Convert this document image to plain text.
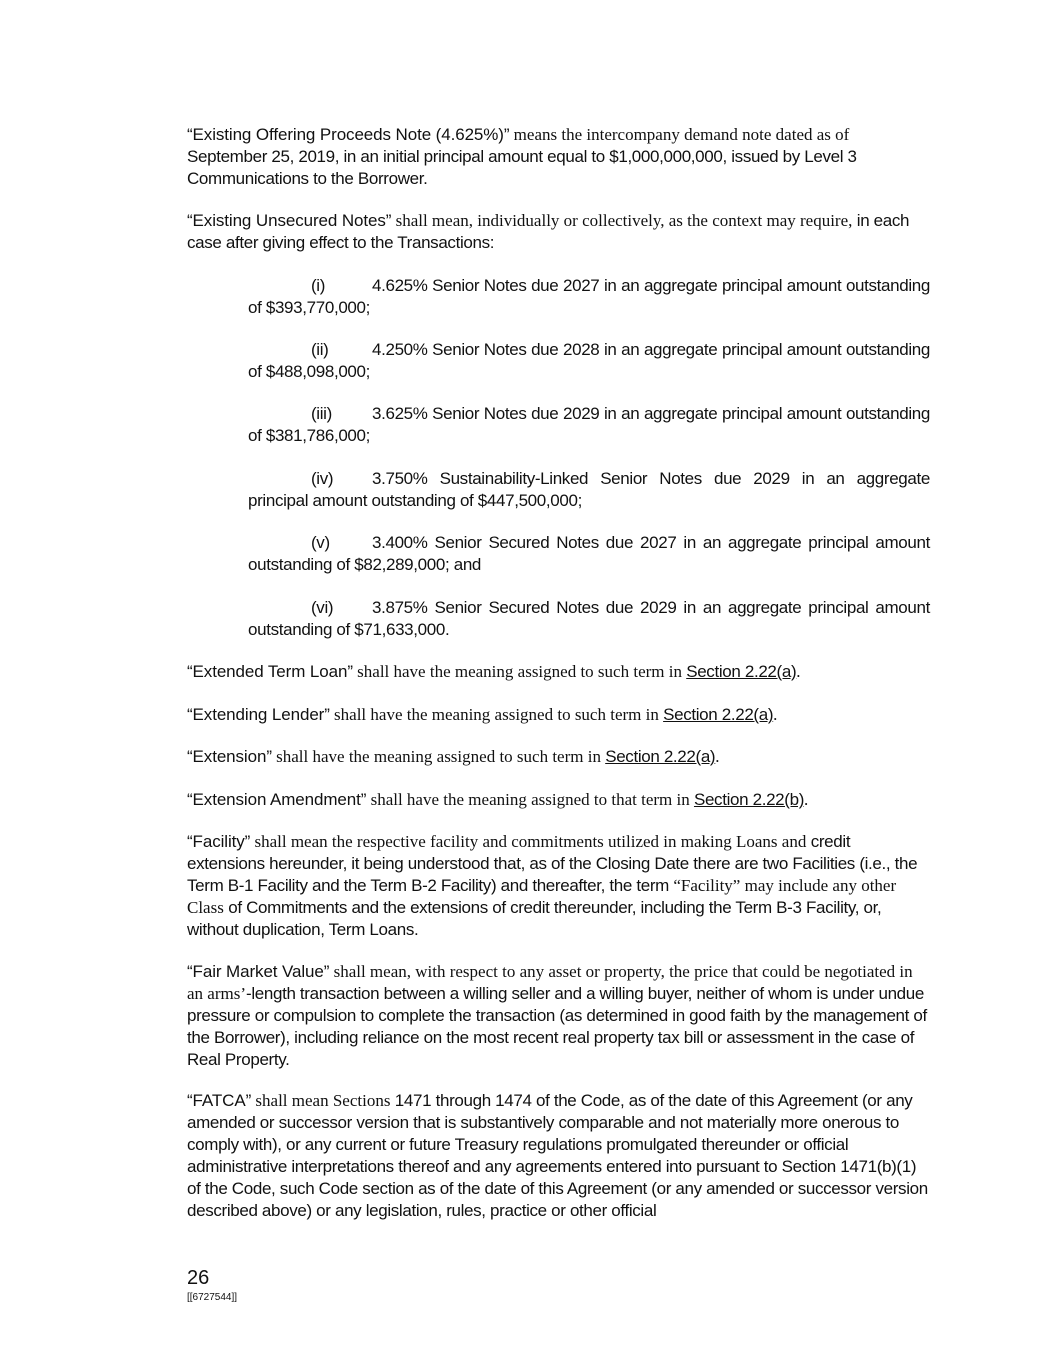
“Existing Offering Proceeds Note (4.625%)” means the intercompany demand note dated as of September 25, 2019, in an initial principal amount equal to $1,000,000,000, issued by Level 3 Communications to the Borrower.

“Existing Unsecured Notes” shall mean, individually or collectively, as the context may require, in each case after giving effect to the Transactions:

(i)	4.625% Senior Notes due 2027 in an aggregate principal amount outstanding of $393,770,000;

(ii)	4.250% Senior Notes due 2028 in an aggregate principal amount outstanding of $488,098,000;

(iii) 3.625% Senior Notes due 2029 in an aggregate principal amount outstanding of $381,786,000;

(iv) 3.750% Sustainability-Linked Senior Notes due 2029 in an aggregate principal amount outstanding of $447,500,000;

(v) 3.400% Senior Secured Notes due 2027 in an aggregate principal amount outstanding of $82,289,000; and

(vi) 3.875% Senior Secured Notes due 2029 in an aggregate principal amount outstanding of $71,633,000.

“Extended Term Loan” shall have the meaning assigned to such term in Section 2.22(a).

“Extending Lender” shall have the meaning assigned to such term in Section 2.22(a).

“Extension” shall have the meaning assigned to such term in Section 2.22(a).

“Extension Amendment” shall have the meaning assigned to that term in Section 2.22(b).

“Facility” shall mean the respective facility and commitments utilized in making Loans and credit extensions hereunder, it being understood that, as of the Closing Date there are two Facilities (i.e., the Term B-1 Facility and the Term B-2 Facility) and thereafter, the term “Facility” may include any other Class of Commitments and the extensions of credit thereunder, including the Term B-3 Facility, or, without duplication, Term Loans.

“Fair Market Value” shall mean, with respect to any asset or property, the price that could be negotiated in an arms’-length transaction between a willing seller and a willing buyer, neither of whom is under undue pressure or compulsion to complete the transaction (as determined in good faith by the management of the Borrower), including reliance on the most recent real property tax bill or assessment in the case of Real Property.

“FATCA” shall mean Sections 1471 through 1474 of the Code, as of the date of this Agreement (or any amended or successor version that is substantively comparable and not materially more onerous to comply with), or any current or future Treasury regulations promulgated thereunder or official administrative interpretations thereof and any agreements entered into pursuant to Section 1471(b)(1) of the Code, such Code section as of the date of this Agreement (or any amended or successor version described above) or any legislation, rules, practice or other official

26
[[6727544]]
